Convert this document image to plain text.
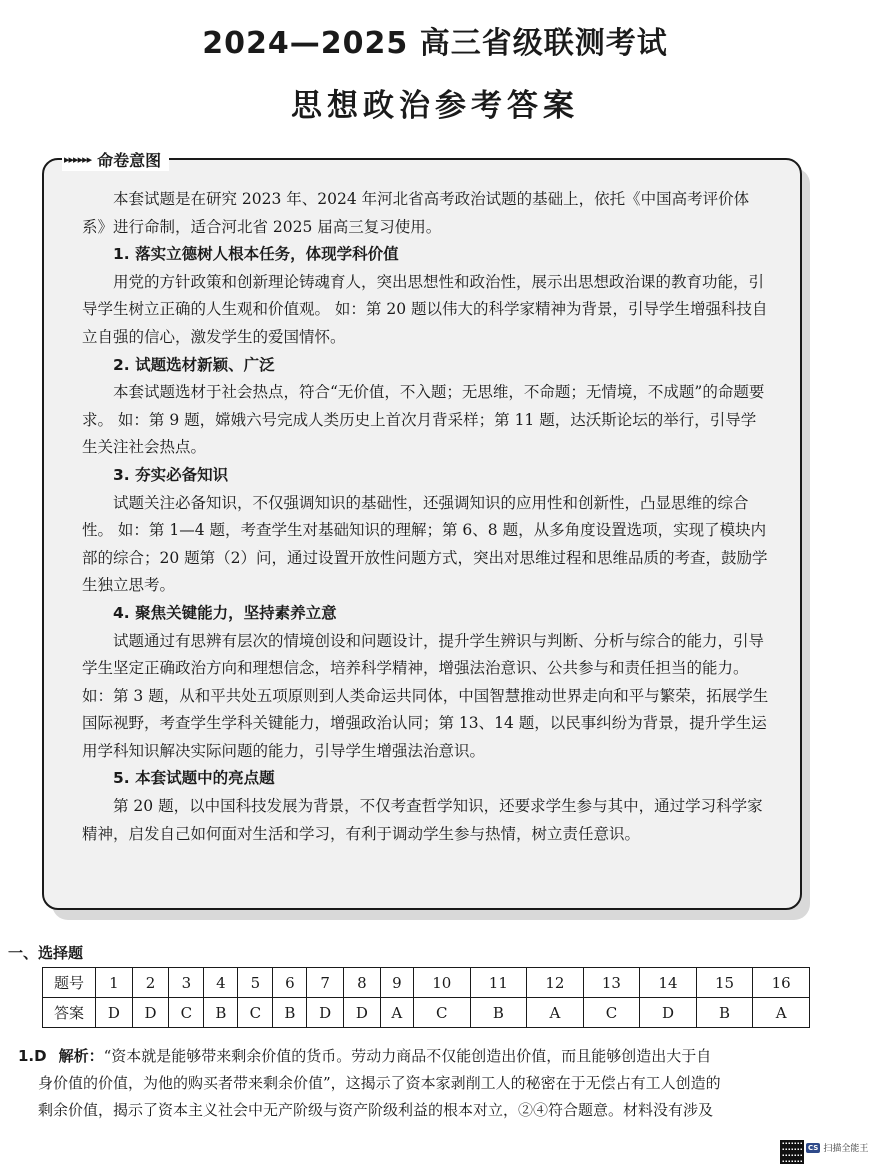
2024—2025 高三省级联测考试
思想政治参考答案
▸▸▸▸▸▸ 命卷意图

本套试题是在研究 2023 年、2024 年河北省高考政治试题的基础上，依托《中国高考评价体系》进行命制，适合河北省 2025 届高三复习使用。

1. 落实立德树人根本任务，体现学科价值

用党的方针政策和创新理论铸魂育人，突出思想性和政治性，展示出思想政治课的教育功能，引导学生树立正确的人生观和价值观。 如：第 20 题以伟大的科学家精神为背景，引导学生增强科技自立自强的信心，激发学生的爱国情怀。

2. 试题选材新颖、广泛

本套试题选材于社会热点，符合“无价值，不入题；无思维，不命题；无情境，不成题”的命题要求。 如：第 9 题，嫦娥六号完成人类历史上首次月背采样；第 11 题，达沃斯论坛的举行，引导学生关注社会热点。

3. 夯实必备知识

试题关注必备知识，不仅强调知识的基础性，还强调知识的应用性和创新性，凸显思维的综合性。 如：第 1—4 题，考查学生对基础知识的理解；第 6、8 题，从多角度设置选项，实现了模块内部的综合；20 题第（2）问，通过设置开放性问题方式，突出对思维过程和思维品质的考查，鼓励学生独立思考。

4. 聚焦关键能力，坚持素养立意

试题通过有思辨有层次的情境创设和问题设计，提升学生辨识与判断、分析与综合的能力，引导学生坚定正确政治方向和理想信念，培养科学精神，增强法治意识、公共参与和责任担当的能力。 如：第 3 题，从和平共处五项原则到人类命运共同体，中国智慧推动世界走向和平与繁荣，拓展学生国际视野，考查学生学科关键能力，增强政治认同；第 13、14 题，以民事纠纷为背景，提升学生运用学科知识解决实际问题的能力，引导学生增强法治意识。

5. 本套试题中的亮点题

第 20 题，以中国科技发展为背景，不仅考查哲学知识，还要求学生参与其中，通过学习科学家精神，启发自己如何面对生活和学习，有利于调动学生参与热情，树立责任意识。

一、选择题
题号	1	2	3	4	5	6	7	8	9	10	11	12	13	14	15	16
答案	D	D	C	B	C	B	D	D	A	C	B	A	C	D	B	A

1.D 解析：“资本就是能够带来剩余价值的货币。劳动力商品不仅能创造出价值，而且能够创造出大于自

身价值的价值，为他的购买者带来剩余价值”，这揭示了资本家剥削工人的秘密在于无偿占有工人创造的

剩余价值，揭示了资本主义社会中无产阶级与资产阶级利益的根本对立，②④符合题意。材料没有涉及

CS 扫描全能王
